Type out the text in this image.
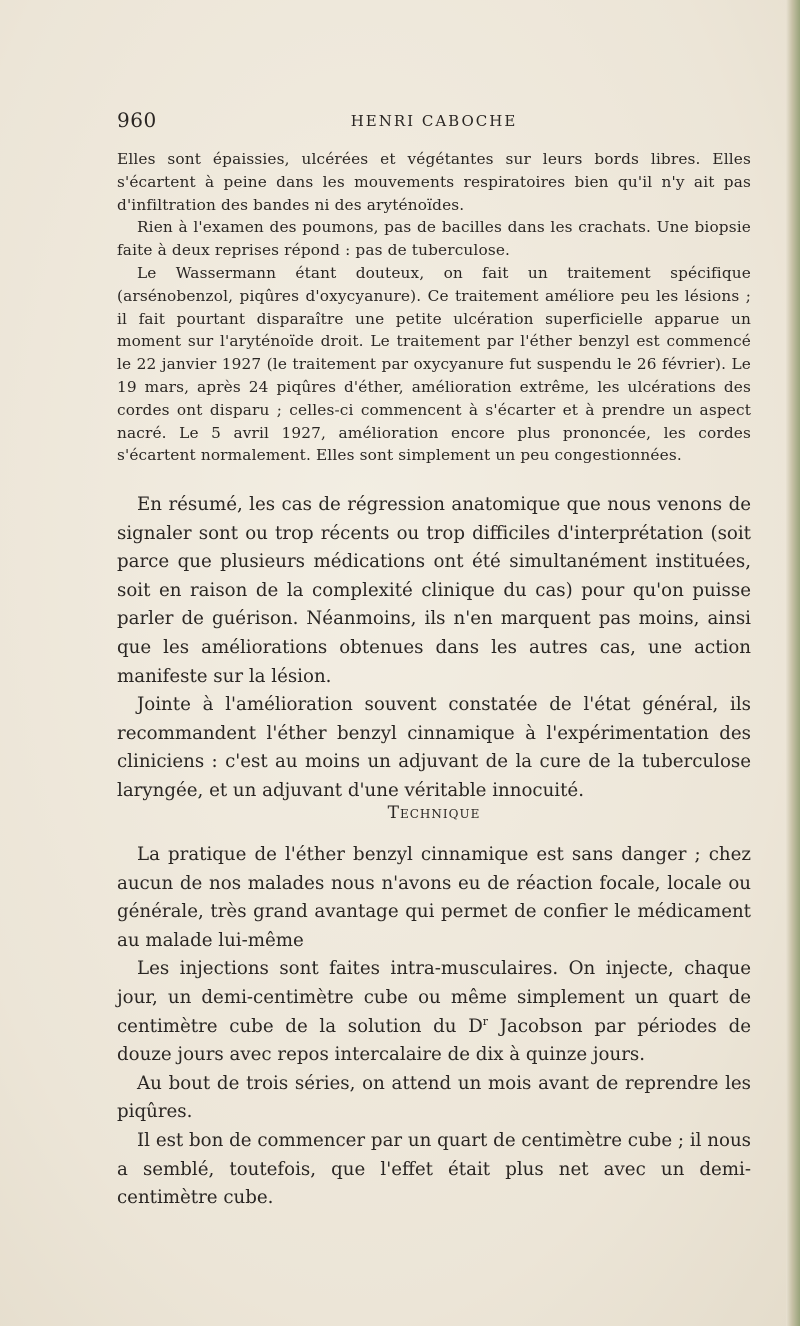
960	HENRI CABOCHE

Elles sont épaissies, ulcérées et végétantes sur leurs bords libres. Elles s'écartent à peine dans les mouvements respiratoires bien qu'il n'y ait pas d'infiltration des bandes ni des aryténoïdes.

Rien à l'examen des poumons, pas de bacilles dans les crachats. Une biopsie faite à deux reprises répond : pas de tuberculose.

Le Wassermann étant douteux, on fait un traitement spécifique (arsénobenzol, piqûres d'oxycyanure). Ce traitement améliore peu les lésions ; il fait pourtant disparaître une petite ulcération superficielle apparue un moment sur l'aryténoïde droit. Le traitement par l'éther benzyl est commencé le 22 janvier 1927 (le traitement par oxycyanure fut suspendu le 26 février). Le 19 mars, après 24 piqûres d'éther, amélioration extrême, les ulcérations des cordes ont disparu ; celles-ci commencent à s'écarter et à prendre un aspect nacré. Le 5 avril 1927, amélioration encore plus prononcée, les cordes s'écartent normalement. Elles sont simplement un peu congestionnées.

En résumé, les cas de régression anatomique que nous venons de signaler sont ou trop récents ou trop difficiles d'interprétation (soit parce que plusieurs médications ont été simultanément instituées, soit en raison de la complexité clinique du cas) pour qu'on puisse parler de guérison. Néanmoins, ils n'en marquent pas moins, ainsi que les améliorations obtenues dans les autres cas, une action manifeste sur la lésion.

Jointe à l'amélioration souvent constatée de l'état général, ils recommandent l'éther benzyl cinnamique à l'expérimentation des cliniciens : c'est au moins un adjuvant de la cure de la tuberculose laryngée, et un adjuvant d'une véritable innocuité.

Technique

La pratique de l'éther benzyl cinnamique est sans danger ; chez aucun de nos malades nous n'avons eu de réaction focale, locale ou générale, très grand avantage qui permet de confier le médicament au malade lui-même

Les injections sont faites intra-musculaires. On injecte, chaque jour, un demi-centimètre cube ou même simplement un quart de centimètre cube de la solution du $D^r$ Jacobson par périodes de douze jours avec repos intercalaire de dix à quinze jours.

Au bout de trois séries, on attend un mois avant de reprendre les piqûres.

Il est bon de commencer par un quart de centimètre cube ; il nous a semblé, toutefois, que l'effet était plus net avec un demi-centimètre cube.
